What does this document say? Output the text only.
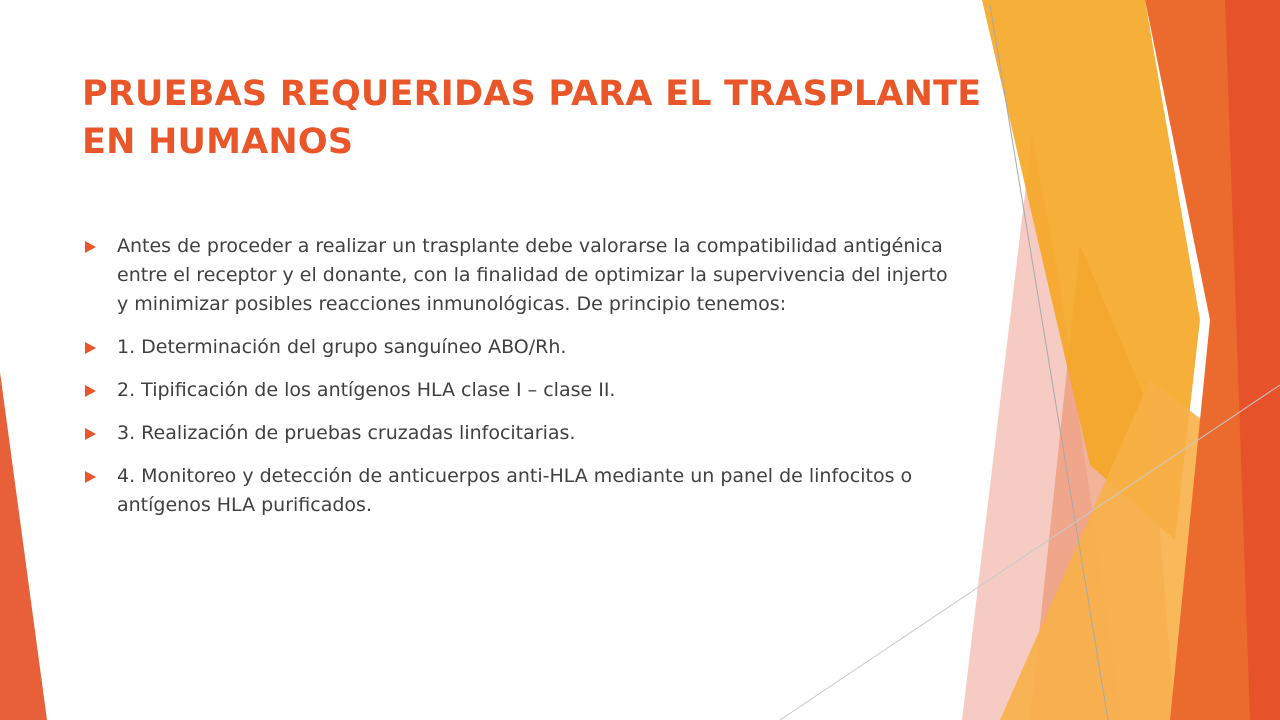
PRUEBAS REQUERIDAS PARA EL TRASPLANTE
EN HUMANOS
Antes de proceder a realizar un trasplante debe valorarse la compatibilidad antigénica entre el receptor y el donante, con la finalidad de optimizar la supervivencia del injerto y minimizar posibles reacciones inmunológicas. De principio tenemos:
1. Determinación del grupo sanguíneo ABO/Rh.
2. Tipificación de los antígenos HLA clase I – clase II.
3. Realización de pruebas cruzadas linfocitarias.
4. Monitoreo y detección de anticuerpos anti-HLA mediante un panel de linfocitos o antígenos HLA purificados.
